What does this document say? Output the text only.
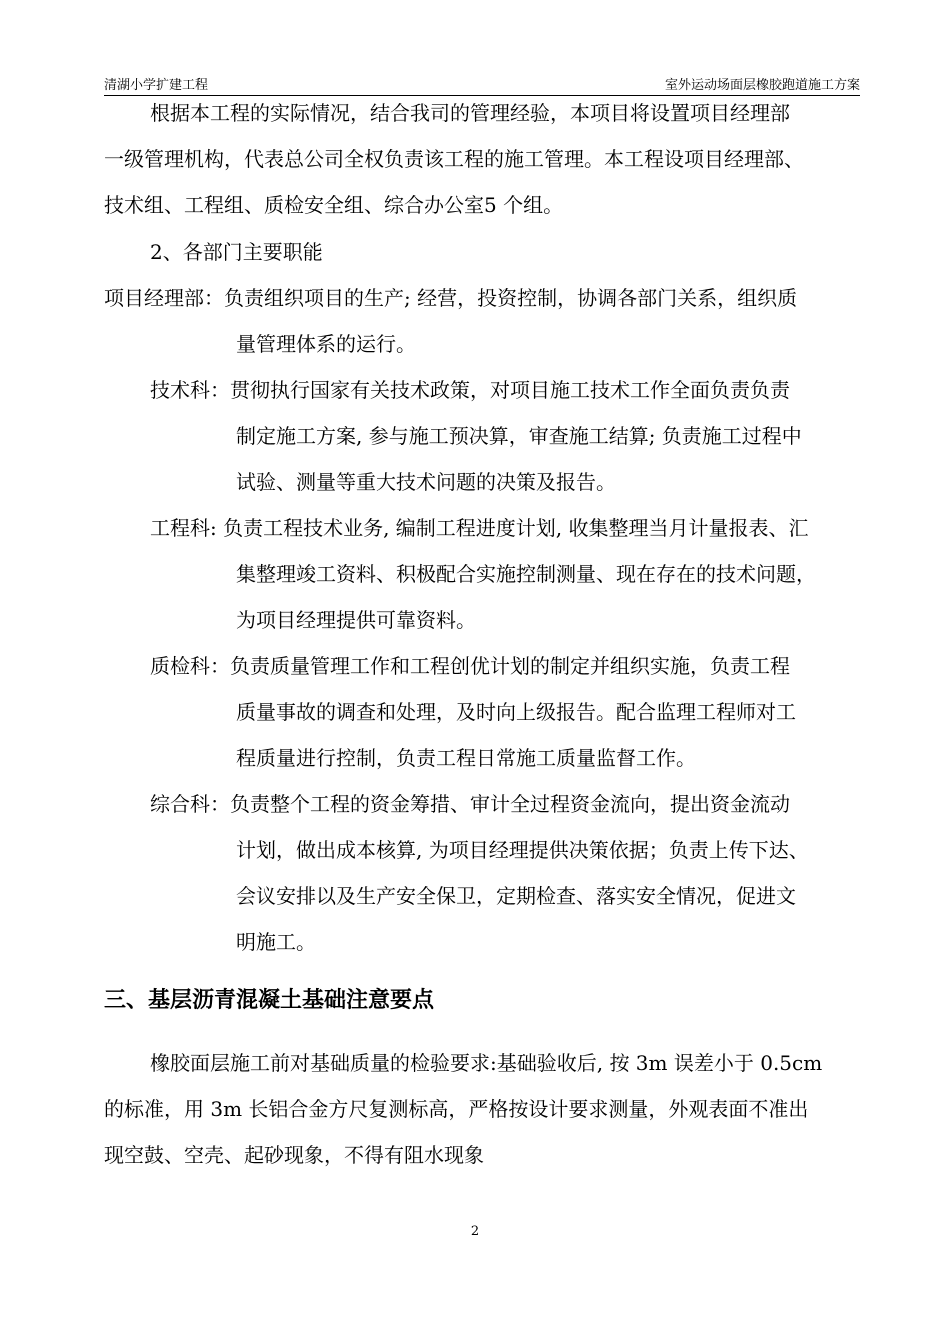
清湖小学扩建工程	室外运动场面层橡胶跑道施工方案
根据本工程的实际情况，结合我司的管理经验，本项目将设置项目经理部
一级管理机构，代表总公司全权负责该工程的施工管理。本工程设项目经理部、
技术组、工程组、质检安全组、综合办公室5 个组。
2、各部门主要职能
项目经理部：负责组织项目的生产; 经营，投资控制，协调各部门关系，组织质
量管理体系的运行。
技术科：贯彻执行国家有关技术政策，对项目施工技术工作全面负责负责
制定施工方案, 参与施工预决算，审查施工结算; 负责施工过程中
试验、测量等重大技术问题的决策及报告。
工程科: 负责工程技术业务, 编制工程进度计划, 收集整理当月计量报表、汇
集整理竣工资料、积极配合实施控制测量、现在存在的技术问题，
为项目经理提供可靠资料。
质检科：负责质量管理工作和工程创优计划的制定并组织实施，负责工程
质量事故的调查和处理，及时向上级报告。配合监理工程师对工
程质量进行控制，负责工程日常施工质量监督工作。
综合科：负责整个工程的资金筹措、审计全过程资金流向，提出资金流动
计划，做出成本核算, 为项目经理提供决策依据；负责上传下达、
会议安排以及生产安全保卫，定期检查、落实安全情况，促进文
明施工。
三、基层沥青混凝土基础注意要点
橡胶面层施工前对基础质量的检验要求:基础验收后, 按 3m 误差小于 0.5cm
的标准，用 3m 长铝合金方尺复测标高，严格按设计要求测量，外观表面不准出
现空鼓、空壳、起砂现象，不得有阻水现象
2
